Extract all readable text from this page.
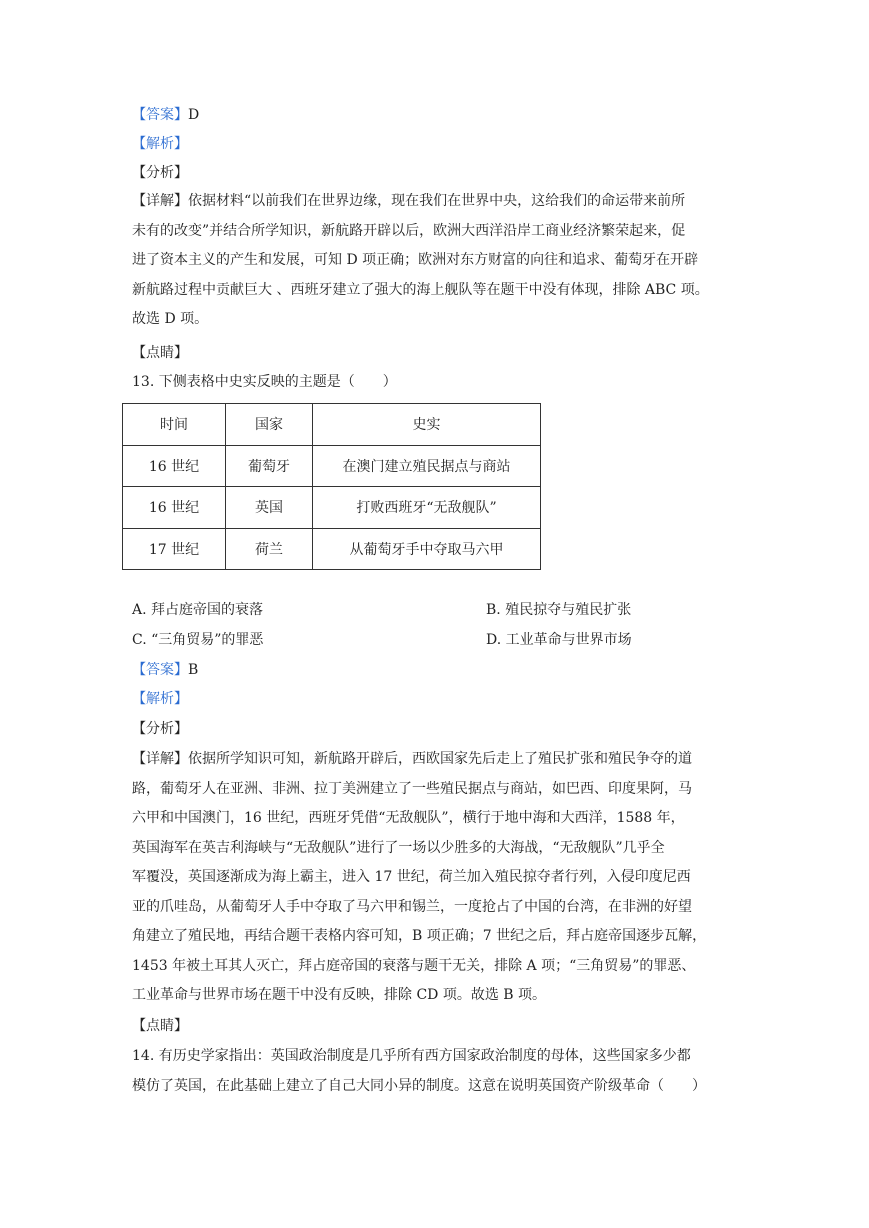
【答案】D
【解析】
【分析】
【详解】依据材料“以前我们在世界边缘，现在我们在世界中央，这给我们的命运带来前所
未有的改变”并结合所学知识，新航路开辟以后，欧洲大西洋沿岸工商业经济繁荣起来，促
进了资本主义的产生和发展，可知 D 项正确；欧洲对东方财富的向往和追求、葡萄牙在开辟
新航路过程中贡献巨大 、西班牙建立了强大的海上舰队等在题干中没有体现，排除 ABC 项。
故选 D 项。
【点睛】
13. 下侧表格中史实反映的主题是（　　）
时间	国家	史实
16 世纪	葡萄牙	在澳门建立殖民据点与商站
16 世纪	英国	打败西班牙“无敌舰队”
17 世纪	荷兰	从葡萄牙手中夺取马六甲
A. 拜占庭帝国的衰落	B. 殖民掠夺与殖民扩张
C. “三角贸易”的罪恶	D. 工业革命与世界市场
【答案】B
【解析】
【分析】
【详解】依据所学知识可知，新航路开辟后，西欧国家先后走上了殖民扩张和殖民争夺的道
路，葡萄牙人在亚洲、非洲、拉丁美洲建立了一些殖民据点与商站，如巴西、印度果阿，马
六甲和中国澳门，16 世纪，西班牙凭借“无敌舰队”，横行于地中海和大西洋，1588 年，
英国海军在英吉利海峡与“无敌舰队”进行了一场以少胜多的大海战，“无敌舰队”几乎全
军覆没，英国逐渐成为海上霸主，进入 17 世纪，荷兰加入殖民掠夺者行列，入侵印度尼西
亚的爪哇岛，从葡萄牙人手中夺取了马六甲和锡兰，一度抢占了中国的台湾，在非洲的好望
角建立了殖民地，再结合题干表格内容可知，B 项正确；7 世纪之后，拜占庭帝国逐步瓦解，
1453 年被土耳其人灭亡，拜占庭帝国的衰落与题干无关，排除 A 项；“三角贸易”的罪恶、
工业革命与世界市场在题干中没有反映，排除 CD 项。故选 B 项。
【点睛】
14. 有历史学家指出：英国政治制度是几乎所有西方国家政治制度的母体，这些国家多少都
模仿了英国，在此基础上建立了自己大同小异的制度。这意在说明英国资产阶级革命（　　）
